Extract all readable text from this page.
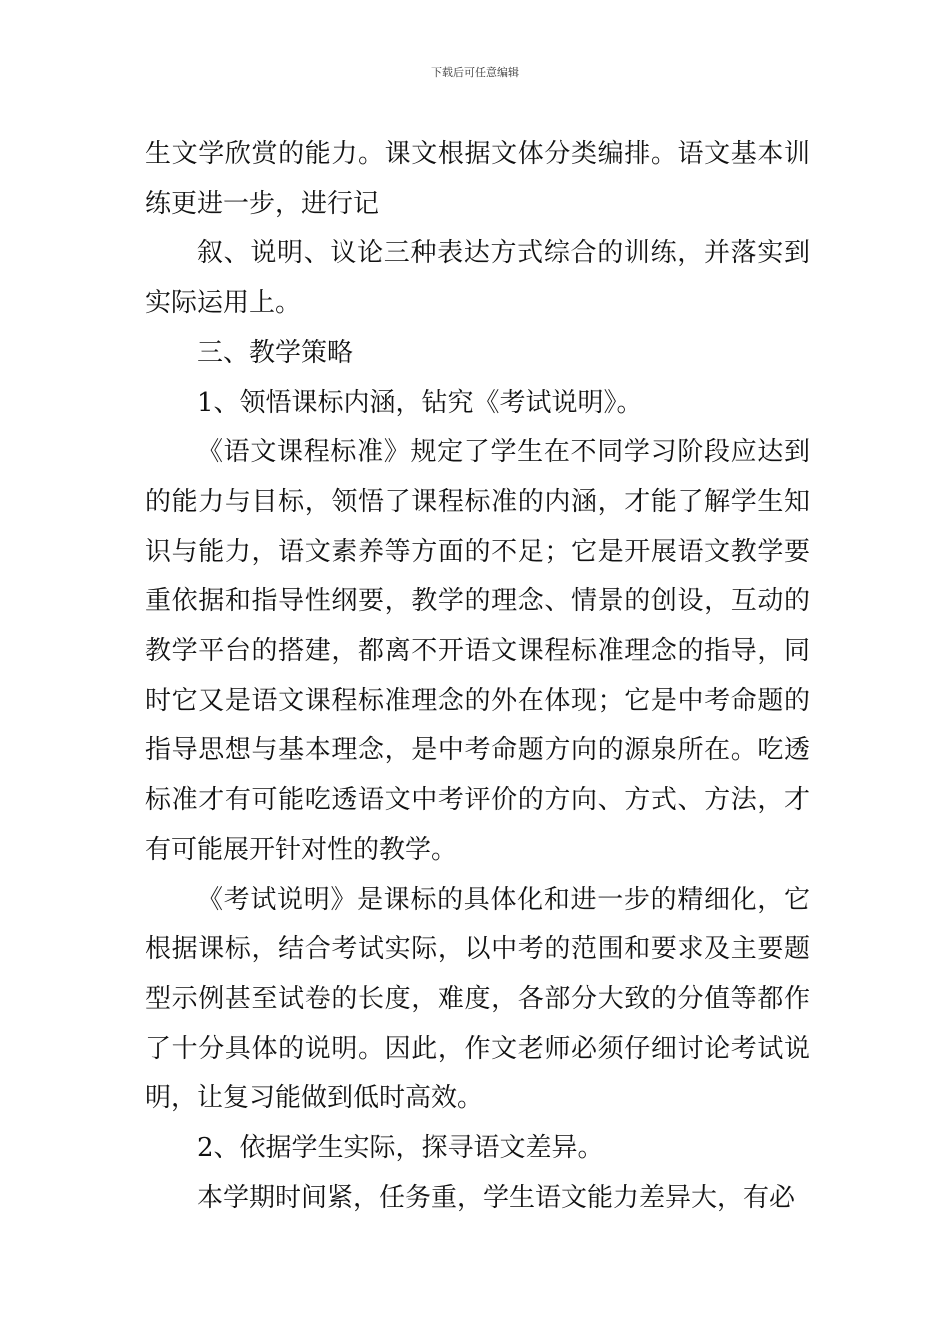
下载后可任意编辑

生文学欣赏的能力。课文根据文体分类编排。语文基本训练更进一步，进行记

叙、说明、议论三种表达方式综合的训练，并落实到实际运用上。

三、教学策略

1、领悟课标内涵，钻究《考试说明》。

《语文课程标准》规定了学生在不同学习阶段应达到的能力与目标，领悟了课程标准的内涵，才能了解学生知识与能力，语文素养等方面的不足；它是开展语文教学要重依据和指导性纲要，教学的理念、情景的创设，互动的教学平台的搭建，都离不开语文课程标准理念的指导，同时它又是语文课程标准理念的外在体现；它是中考命题的指导思想与基本理念，是中考命题方向的源泉所在。吃透标准才有可能吃透语文中考评价的方向、方式、方法，才有可能展开针对性的教学。

《考试说明》是课标的具体化和进一步的精细化，它根据课标，结合考试实际，以中考的范围和要求及主要题型示例甚至试卷的长度，难度，各部分大致的分值等都作了十分具体的说明。因此，作文老师必须仔细讨论考试说明，让复习能做到低时高效。

2、依据学生实际，探寻语文差异。

本学期时间紧，任务重，学生语文能力差异大，有必
